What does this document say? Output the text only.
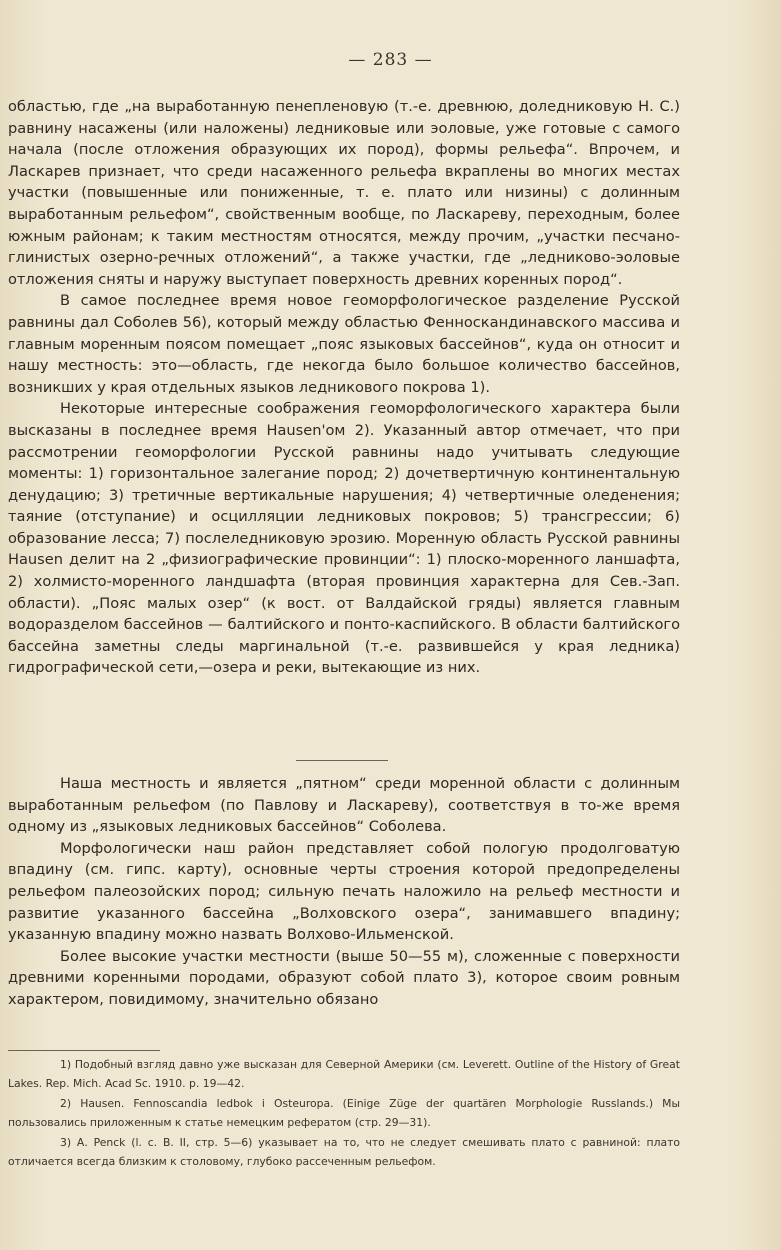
— 283 —

областью, где „на выработанную пенепленовую (т.-е. древнюю, доледниковую Н. С.) равнину насажены (или наложены) ледниковые или эоловые, уже готовые с самого начала (после отложения образующих их пород), формы рельефа“. Впрочем, и Ласкарев признает, что среди насаженного рельефа вкраплены во многих местах участки (повышенные или пониженные, т. е. плато или низины) с долинным выработанным рельефом“, свойственным вообще, по Ласкареву, переходным, более южным районам; к таким местностям относятся, между прочим, „участки песчано-глинистых озерно-речных отложений“, а также участки, где „ледниково-эоловые отложения сняты и наружу выступает поверхность древних коренных пород“.

В самое последнее время новое геоморфологическое разделение Русской равнины дал Соболев 56), который между областью Фенноскандинавского массива и главным моренным поясом помещает „пояс языковых бассейнов“, куда он относит и нашу местность: это—область, где некогда было большое количество бассейнов, возникших у края отдельных языков ледникового покрова 1).

Некоторые интересные соображения геоморфологического характера были высказаны в последнее время Hausen'ом 2). Указанный автор отмечает, что при рассмотрении геоморфологии Русской равнины надо учитывать следующие моменты: 1) горизонтальное залегание пород; 2) дочетвертичную континентальную денудацию; 3) третичные вертикальные нарушения; 4) четвертичные оледенения; таяние (отступание) и осцилляции ледниковых покровов; 5) трансгрессии; 6) образование лесса; 7) послеледниковую эрозию. Моренную область Русской равнины Hausen делит на 2 „физиографические провинции“: 1) плоско-моренного ланшафта, 2) холмисто-моренного ландшафта (вторая провинция характерна для Сев.-Зап. области). „Пояс малых озер“ (к вост. от Валдайской гряды) является главным водоразделом бассейнов — балтийского и понто-каспийского. В области балтийского бассейна заметны следы маргинальной (т.-е. развившейся у края ледника) гидрографической сети,—озера и реки, вытекающие из них.

Наша местность и является „пятном“ среди моренной области с долинным выработанным рельефом (по Павлову и Ласкареву), соответствуя в то-же время одному из „языковых ледниковых бассейнов“ Соболева.

Морфологически наш район представляет собой пологую продолговатую впадину (см. гипс. карту), основные черты строения которой предопределены рельефом палеозойских пород; сильную печать наложило на рельеф местности и развитие указанного бассейна „Волховского озера“, занимавшего впадину; указанную впадину можно назвать Волхово-Ильменской.

Более высокие участки местности (выше 50—55 м), сложенные с поверхности древними коренными породами, образуют собой плато 3), которое своим ровным характером, повидимому, значительно обязано

1) Подобный взгляд давно уже высказан для Северной Америки (см. Leverett. Outline of the History of Great Lakes. Rep. Mich. Acad Sc. 1910. p. 19—42.

2) Hausen. Fennoscandia ledbok i Osteuropa. (Einige Züge der quartären Morphologie Russlands.) Мы пользовались приложенным к статье немецким рефератом (стр. 29—31).

3) А. Penck (l. c. B. II, стр. 5—6) указывает на то, что не следует смешивать плато с равниной: плато отличается всегда близким к столовому, глубоко рассеченным рельефом.
